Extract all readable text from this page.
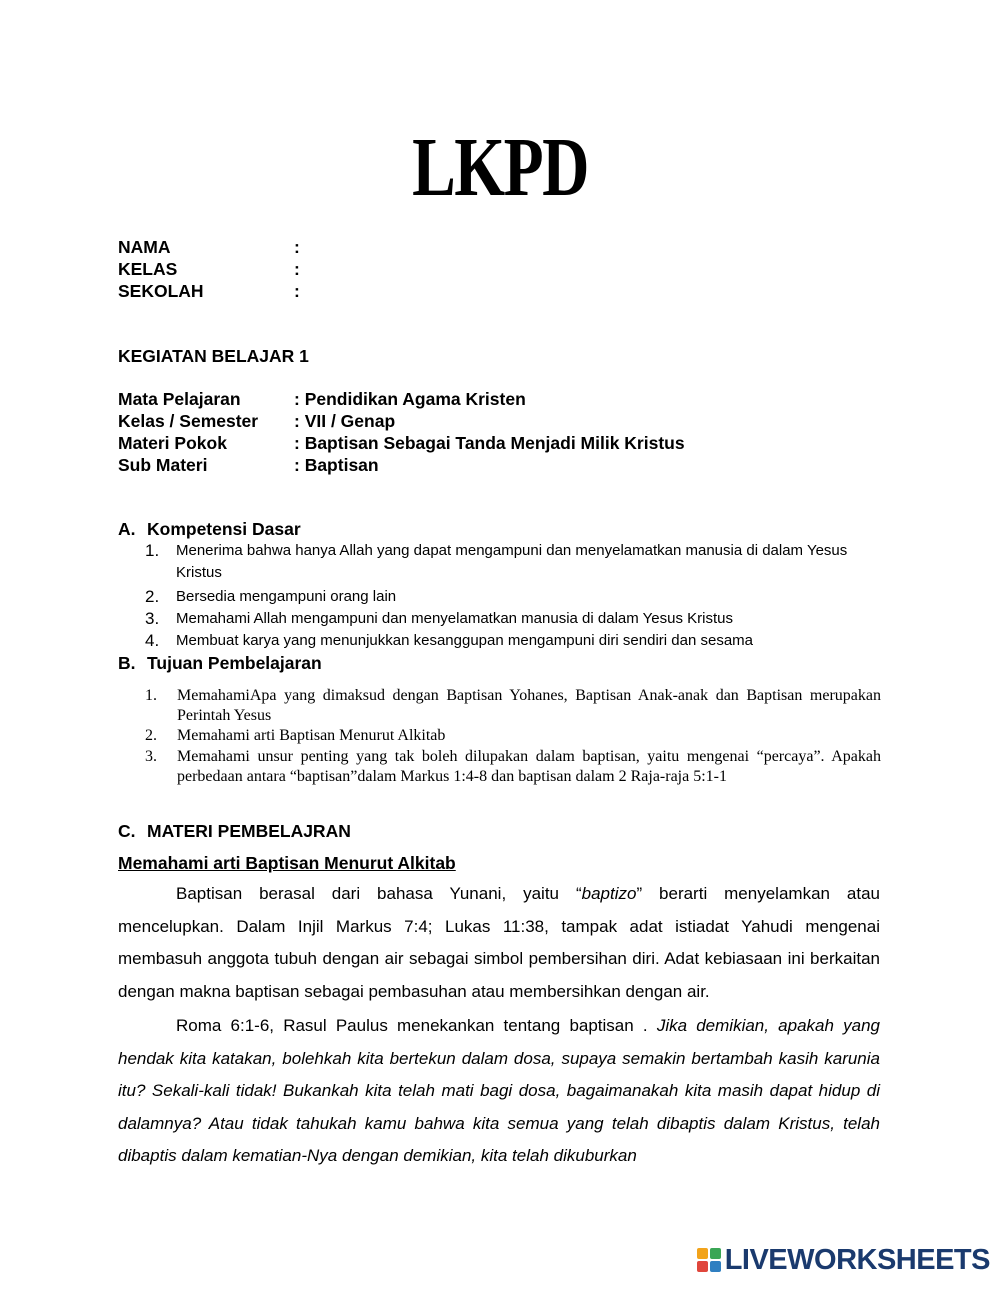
LKPD
NAMA	:
KELAS	:
SEKOLAH	:
KEGIATAN BELAJAR 1
Mata Pelajaran	: Pendidikan Agama Kristen
Kelas / Semester : VII / Genap
Materi Pokok	: Baptisan Sebagai Tanda Menjadi Milik Kristus
Sub Materi	: Baptisan
A. Kompetensi Dasar
1. Menerima bahwa hanya Allah yang dapat mengampuni dan menyelamatkan manusia di dalam Yesus Kristus
2. Bersedia mengampuni orang lain
3. Memahami Allah mengampuni dan menyelamatkan manusia di dalam Yesus Kristus
4. Membuat karya yang menunjukkan kesanggupan mengampuni diri sendiri dan sesama
B. Tujuan Pembelajaran
1. MemahamiApa yang dimaksud dengan Baptisan Yohanes, Baptisan Anak-anak dan Baptisan merupakan Perintah Yesus
2. Memahami arti Baptisan Menurut Alkitab
3. Memahami unsur penting yang tak boleh dilupakan dalam baptisan, yaitu mengenai “percaya”. Apakah perbedaan antara “baptisan”dalam Markus 1:4-8 dan baptisan dalam 2 Raja-raja 5:1-1
C. MATERI PEMBELAJRAN
Memahami arti Baptisan Menurut Alkitab

Baptisan berasal dari bahasa Yunani, yaitu “baptizo” berarti menyelamkan atau mencelupkan. Dalam Injil Markus 7:4; Lukas 11:38, tampak adat istiadat Yahudi mengenai membasuh anggota tubuh dengan air sebagai simbol pembersihan diri. Adat kebiasaan ini berkaitan dengan makna baptisan sebagai pembasuhan atau membersihkan dengan air.

Roma 6:1-6, Rasul Paulus menekankan tentang baptisan . Jika demikian, apakah yang hendak kita katakan, bolehkah kita bertekun dalam dosa, supaya semakin bertambah kasih karunia itu? Sekali-kali tidak! Bukankah kita telah mati bagi dosa, bagaimanakah kita masih dapat hidup di dalamnya? Atau tidak tahukah kamu bahwa kita semua yang telah dibaptis dalam Kristus, telah dibaptis dalam kematian-Nya dengan demikian, kita telah dikuburkan

LIVEWORKSHEETS
